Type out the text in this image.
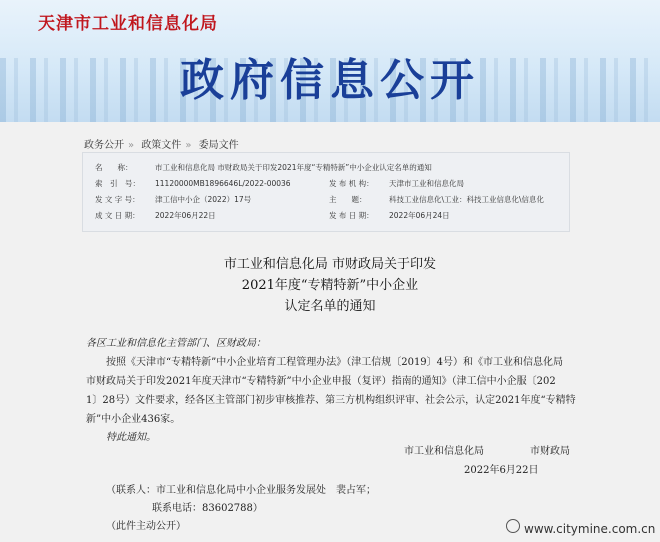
天津市工业和信息化局
政府信息公开
政务公开 » 政策文件 » 委局文件
名　　称：	市工业和信息化局 市财政局关于印发2021年度“专精特新”中小企业认定名单的通知
索　引　号： 11120000MB1896646L/2022-00036	发 布 机 构： 天津市工业和信息化局
发 文 字 号： 津工信中小企（2022）17号	主　　题：	科技工业信息化\工业：科技工业信息化\信息化
成 文 日 期： 2022年06月22日	发 布 日 期： 2022年06月24日
市工业和信息化局 市财政局关于印发
2021年度“专精特新”中小企业
认定名单的通知
各区工业和信息化主管部门、区财政局：
按照《天津市“专精特新”中小企业培育工程管理办法》（津工信规〔2019〕4号）和《市工业和信息化局
市财政局关于印发2021年度天津市“专精特新”中小企业申报（复评）指南的通知》（津工信中小企服〔202
1〕28号）文件要求，经各区主管部门初步审核推荐、第三方机构组织评审、社会公示，认定2021年度“专精特
新”中小企业436家。
特此通知。
市工业和信息化局	市财政局
2022年6月22日
（联系人：市工业和信息化局中小企业服务发展处　裴占军；
联系电话：83602788）
（此件主动公开）	www.citymine.com.cn
